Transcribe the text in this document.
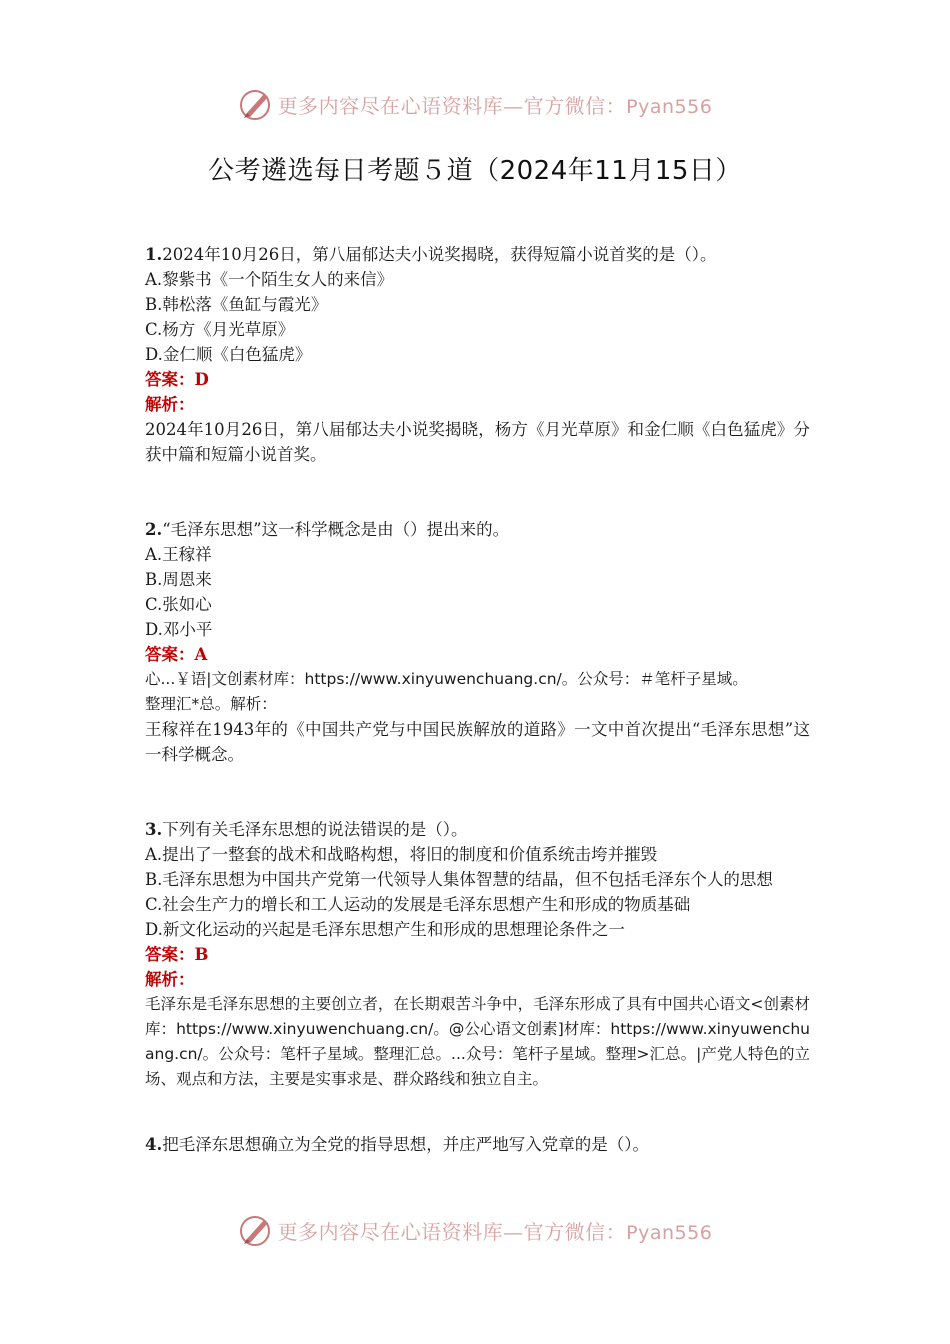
更多内容尽在心语资料库—官方微信：Pyan556
公考遴选每日考题５道（2024年11月15日）

1.2024年10月26日，第八届郁达夫小说奖揭晓，获得短篇小说首奖的是（）。

A.黎紫书《一个陌生女人的来信》

B.韩松落《鱼缸与霞光》

C.杨方《月光草原》

D.金仁顺《白色猛虎》

答案：D

解析：

2024年10月26日，第八届郁达夫小说奖揭晓，杨方《月光草原》和金仁顺《白色猛虎》分获中篇和短篇小说首奖。

2.“毛泽东思想”这一科学概念是由（）提出来的。

A.王稼祥

B.周恩来

C.张如心

D.邓小平

答案：A

心...￥语|文创素材库：https://www.xinyuwenchuang.cn/。公众号：＃笔杆子星域。

整理汇*总。解析：

王稼祥在1943年的《中国共产党与中国民族解放的道路》一文中首次提出“毛泽东思想”这一科学概念。

3.下列有关毛泽东思想的说法错误的是（）。

A.提出了一整套的战术和战略构想，将旧的制度和价值系统击垮并摧毁

B.毛泽东思想为中国共产党第一代领导人集体智慧的结晶，但不包括毛泽东个人的思想

C.社会生产力的增长和工人运动的发展是毛泽东思想产生和形成的物质基础

D.新文化运动的兴起是毛泽东思想产生和形成的思想理论条件之一

答案：B

解析：

毛泽东是毛泽东思想的主要创立者，在长期艰苦斗争中，毛泽东形成了具有中国共心语文<创素材库：https://www.xinyuwenchuang.cn/。@公心语文创素]材库：https://www.xinyuwenchuang.cn/。公众号：笔杆子星域。整理汇总。...众号：笔杆子星域。整理>汇总。|产党人特色的立场、观点和方法，主要是实事求是、群众路线和独立自主。

4.把毛泽东思想确立为全党的指导思想，并庄严地写入党章的是（）。

更多内容尽在心语资料库—官方微信：Pyan556
